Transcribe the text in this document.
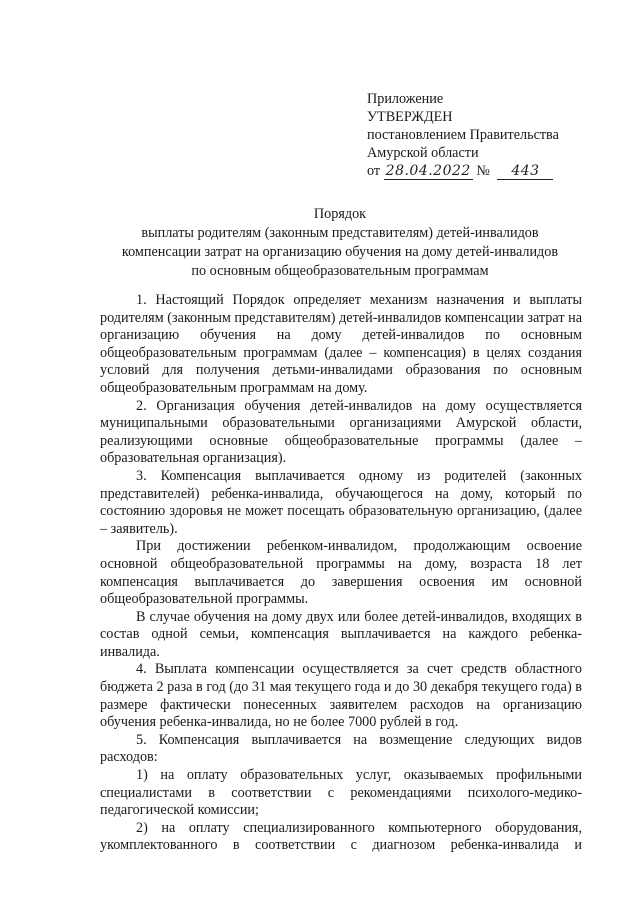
Приложение
УТВЕРЖДЕН
постановлением Правительства
Амурской области
от 28.04.2022 № 443
Порядок
выплаты родителям (законным представителям) детей-инвалидов
компенсации затрат на организацию обучения на дому детей-инвалидов
по основным общеобразовательным программам

1. Настоящий Порядок определяет механизм назначения и выплаты родителям (законным представителям) детей-инвалидов компенсации затрат на организацию обучения на дому детей-инвалидов по основным общеобразовательным программам (далее – компенсация) в целях создания условий для получения детьми-инвалидами образования по основным общеобразовательным программам на дому.

2. Организация обучения детей-инвалидов на дому осуществляется муниципальными образовательными организациями Амурской области, реализующими основные общеобразовательные программы (далее – образовательная организация).

3. Компенсация выплачивается одному из родителей (законных представителей) ребенка-инвалида, обучающегося на дому, который по состоянию здоровья не может посещать образовательную организацию, (далее – заявитель).

При достижении ребенком-инвалидом, продолжающим освоение основной общеобразовательной программы на дому, возраста 18 лет компенсация выплачивается до завершения освоения им основной общеобразовательной программы.

В случае обучения на дому двух или более детей-инвалидов, входящих в состав одной семьи, компенсация выплачивается на каждого ребенка-инвалида.

4. Выплата компенсации осуществляется за счет средств областного бюджета 2 раза в год (до 31 мая текущего года и до 30 декабря текущего года) в размере фактически понесенных заявителем расходов на организацию обучения ребенка-инвалида, но не более 7000 рублей в год.

5. Компенсация выплачивается на возмещение следующих видов расходов:

1) на оплату образовательных услуг, оказываемых профильными специалистами в соответствии с рекомендациями психолого-медико-педагогической комиссии;

2) на оплату специализированного компьютерного оборудования, укомплектованного в соответствии с диагнозом ребенка-инвалида и
